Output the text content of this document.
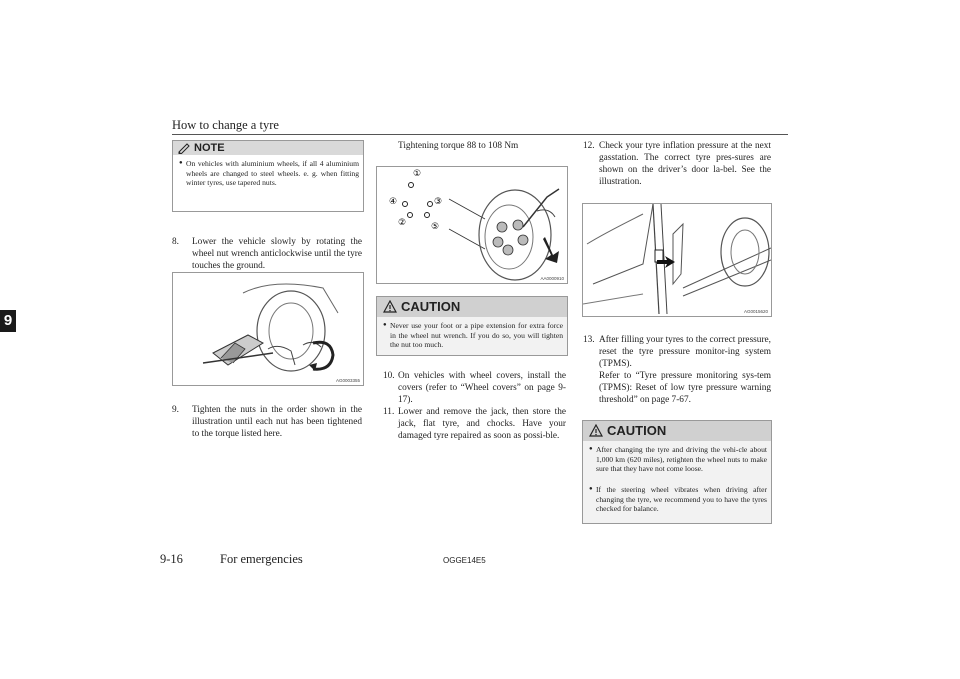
How to change a tyre
9
NOTE
● On vehicles with aluminium wheels, if all 4 aluminium wheels are changed to steel wheels. e. g. when fitting winter tyres, use tapered nuts.
8.	Lower the vehicle slowly by rotating the wheel nut wrench anticlockwise until the tyre touches the ground.
AG0003355
9.	Tighten the nuts in the order shown in the illustration until each nut has been tightened to the torque listed here.
Tightening torque 88 to 108 Nm
①
②
③
④
⑤
AA0000910
CAUTION
● Never use your foot or a pipe extension for extra force in the wheel nut wrench. If you do so, you will tighten the nut too much.
10. On vehicles with wheel covers, install the covers (refer to “Wheel covers” on page 9-17).
11. Lower and remove the jack, then store the jack, flat tyre, and chocks. Have your damaged tyre repaired as soon as possi-ble.
12. Check your tyre inflation pressure at the next gasstation. The correct tyre pres-sures are shown on the driver’s door la-bel. See the illustration.
AG0015620
13. After filling your tyres to the correct pressure, reset the tyre pressure monitor-ing system (TPMS).
Refer to “Tyre pressure monitoring sys-tem (TPMS): Reset of low tyre pressure warning threshold” on page 7-67.
CAUTION
● After changing the tyre and driving the vehi-cle about 1,000 km (620 miles), retighten the wheel nuts to make sure that they have not come loose.
● If the steering wheel vibrates when driving after changing the tyre, we recommend you to have the tyres checked for balance.
9-16	For emergencies	OGGE14E5
